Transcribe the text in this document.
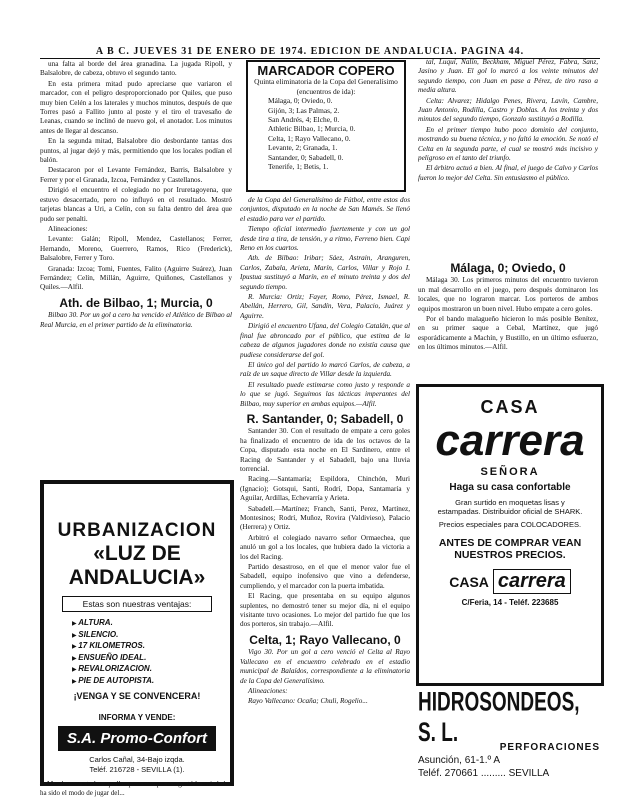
A B C. JUEVES 31 DE ENERO DE 1974. EDICION DE ANDALUCIA. PAGINA 44.

una falta al borde del área granadina. La jugada Ripoll, y Balsalobre, de cabeza, obtuvo el segundo tanto.

En esta primera mitad pudo apreciarse que variaron el marcador, con el peligro desproporcionado por Quiles, que puso muy bien Celén a los laterales y muchos minutos, después de que Torres pasó a Fallito junto al poste y el tiro el travesaño de Leanas, cuando se inclinó de nuevo gol, el anotador. Los minutos antes de llegar al descanso.

En la segunda mitad, Balsalobre dio desbordante tantas dos puntos, al jugar dejó y más, permitiendo que los locales podían el balón.

Destacaron por el Levante Fernández, Barris, Balsalobre y Ferrer y por el Granada, Izcoa, Fernández y Castellanos.

Dirigió el encuentro el colegiado no por Iruretagoyena, que estuvo desacertado, pero no influyó en el resultado. Mostró tarjetas blancas a Uri, a Celín, con su falta dentro del área que pudo ser penalti.

Alineaciones:

Levante: Galán; Ripoll, Mendez, Castellanos; Ferrer, Hernando, Moreno, Guerrero, Ramos, Rico (Frederick), Balsalobre, Ferrer y Toro.

Granada: Izcoa; Tomi, Fuentes, Falito (Aguirre Suárez), Juan Fernández; Celín, Millán, Aguirre, Quiñones, Castellanos y Quiles.—Alfil.

Ath. de Bilbao, 1; Murcia, 0

Bilbao 30. Por un gol a cero ha vencido el Atlético de Bilbao al Real Murcia, en el primer partido de la eliminatoria.

MARCADOR COPERO
Quinta eliminatoria de la Copa del Generalísimo (encuentros de ida):
Málaga, 0; Oviedo, 0.
Gijón, 3; Las Palmas, 2.
San Andrés, 4; Elche, 0.
Athletic Bilbao, 1; Murcia, 0.
Celta, 1; Rayo Vallecano, 0.
Levante, 2; Granada, 1.
Santander, 0; Sabadell, 0.
Tenerife, 1; Betis, 1.

de la Copa del Generalísimo de Fútbol, entre estos dos conjuntos, disputado en la noche de San Mamés. Se llenó el estadio para ver el partido.

Tiempo oficial intermedio fuertemente y con un gol desde tira a tira, de tensión, y a ritmo, Ferreno bien. Capí Reno en los cuartos.

Ath. de Bilbao: Iribar; Sáez, Astrain, Aranguren, Carlos, Zabala, Arieta, Marín, Carlos, Villar y Rojo I. Ipustua sustituyó a Marín, en el minuto treinta y dos del segundo tiempo.

R. Murcia: Ortiz; Fayer, Romo, Pérez, Ismael, R. Abellán, Herrero, Gil, Sandín, Vera, Palacio, Juárez y Aguirre.

Dirigió el encuentro Ufana, del Colegio Catalán, que al final fue abroncado por el público, que estima de la cabeza de algunos jugadores donde no existía causa que pudiese considerarse del gol.

El único gol del partido lo marcó Carlos, de cabeza, a raíz de un saque directo de Villar desde la izquierda.

El resultado puede estimarse como justo y responde a lo que se jugó. Seguimos las tácticas imperantes del Bilbao, muy superior en ambas equipos.—Alfil.

R. Santander, 0; Sabadell, 0

Santander 30. Con el resultado de empate a cero goles ha finalizado el encuentro de ida de los octavos de la Copa, disputado esta noche en El Sardinero, entre el Racing de Santander y el Sabadell, bajo una lluvia torrencial.

Racing.—Santamaría; Espildora, Chinchón, Muri (Ignacio); Gotsqui, Santi, Rodrí, Dopa, Santamaría y Aguilar, Ardillas, Echevarría y Arieta.

Sabadell.—Martínez; Franch, Santi, Perez, Martínez, Montesinos; Rodrí, Muñoz, Rovira (Valdivieso), Palacio (Herrera) y Ortiz.

Arbitró el colegiado navarro señor Ormaechea, que anuló un gol a los locales, que hubiera dado la victoria a los del Racing.

Partido desastroso, en el que el menor valor fue el Sabadell, equipo inofensivo que vino a defenderse, cumpliendo, y el marcador con la puerta imbatida.

El Racing, que presentaba en su equipo algunos suplentes, no demostró tener su mejor día, ni el equipo visitante tuvo ocasiones. Lo mejor del partido fue que los dos porteros, sin trabajo.—Alfil.

Celta, 1; Rayo Vallecano, 0

Vigo 30. Por un gol a cero venció el Celta al Rayo Vallecano en el encuentro celebrado en el estadio municipal de Balaídos, correspondiente a la eliminatoria de la Copa del Generalísimo.

Alineaciones:

Rayo Vallecano: Ocaña; Chuli, Rogelio...

tal, Luquí, Nalín, Beckham, Miguel Pérez, Fabra, Sanz, Jasino y Juan. El gol lo marcó a los veinte minutos del segundo tiempo, con Juan en pase a Pérez, de tiro raso a media altura.

Celta: Alvarez; Hidalgo Penes, Rivera, Lavín, Cambre, Juan Antonio, Rodilla, Castro y Doblas. A los treinta y dos minutos del segundo tiempo, Gonzalo sustituyó a Rodilla.

En el primer tiempo hubo poco dominio del conjunto, mostrando su buena técnica, y no faltó la emoción. Se notó el Celta en la segunda parte, el cual se mostró más incisivo y peligroso en el tanto del triunfo.

El árbitro actuó a bien. Al final, el juego de Calvo y Carlos fueron lo mejor del Celta. Sin entusiasmo el público.

Málaga, 0; Oviedo, 0

Málaga 30. Los primeros minutos del encuentro tuvieron un mal desarrollo en el juego, pero después dominaron los locales, que no lograron marcar. Los porteros de ambos equipos mostraron un buen nivel. Hubo empate a cero goles.

Por el bando malagueño hicieron lo más posible Benítez, en su primer saque a Cebal, Martínez, que jugó esporádicamente a Machín, y Bustillo, en un último esfuerzo, en los últimos minutos.—Alfil.

URBANIZACION
«LUZ DE ANDALUCIA»
Estas son nuestras ventajas:
▶ ALTURA.
▶ SILENCIO.
▶ 17 KILOMETROS.
▶ ENSUEÑO IDEAL.
▶ REVALORIZACION.
▶ PIE DE AUTOPISTA.
¡VENGA Y SE CONVENCERA!
INFORMA Y VENDE:
S.A. Promo-Confort
Carlos Cañal, 34-Bajo izqda.
Teléf. 216728 - SEVILLA (1).
CASA
carrera
SEÑORA
Haga su casa confortable
Gran surtido en moquetas lisas y estampadas. Distribuidor oficial de SHARK.
Precios especiales para COLOCADORES.
ANTES DE COMPRAR VEAN NUESTROS PRECIOS.
CASA carrera
C/Feria, 14 - Teléf. 223685
HIDROSONDEOS, S. L.	PERFORACIONES
Asunción, 61-1.º A
Teléf. 270661 ......... SEVILLA
—Marchamos a todos aquellos personas que nos gustó la seriedad ha sido el modo de jugar del...
